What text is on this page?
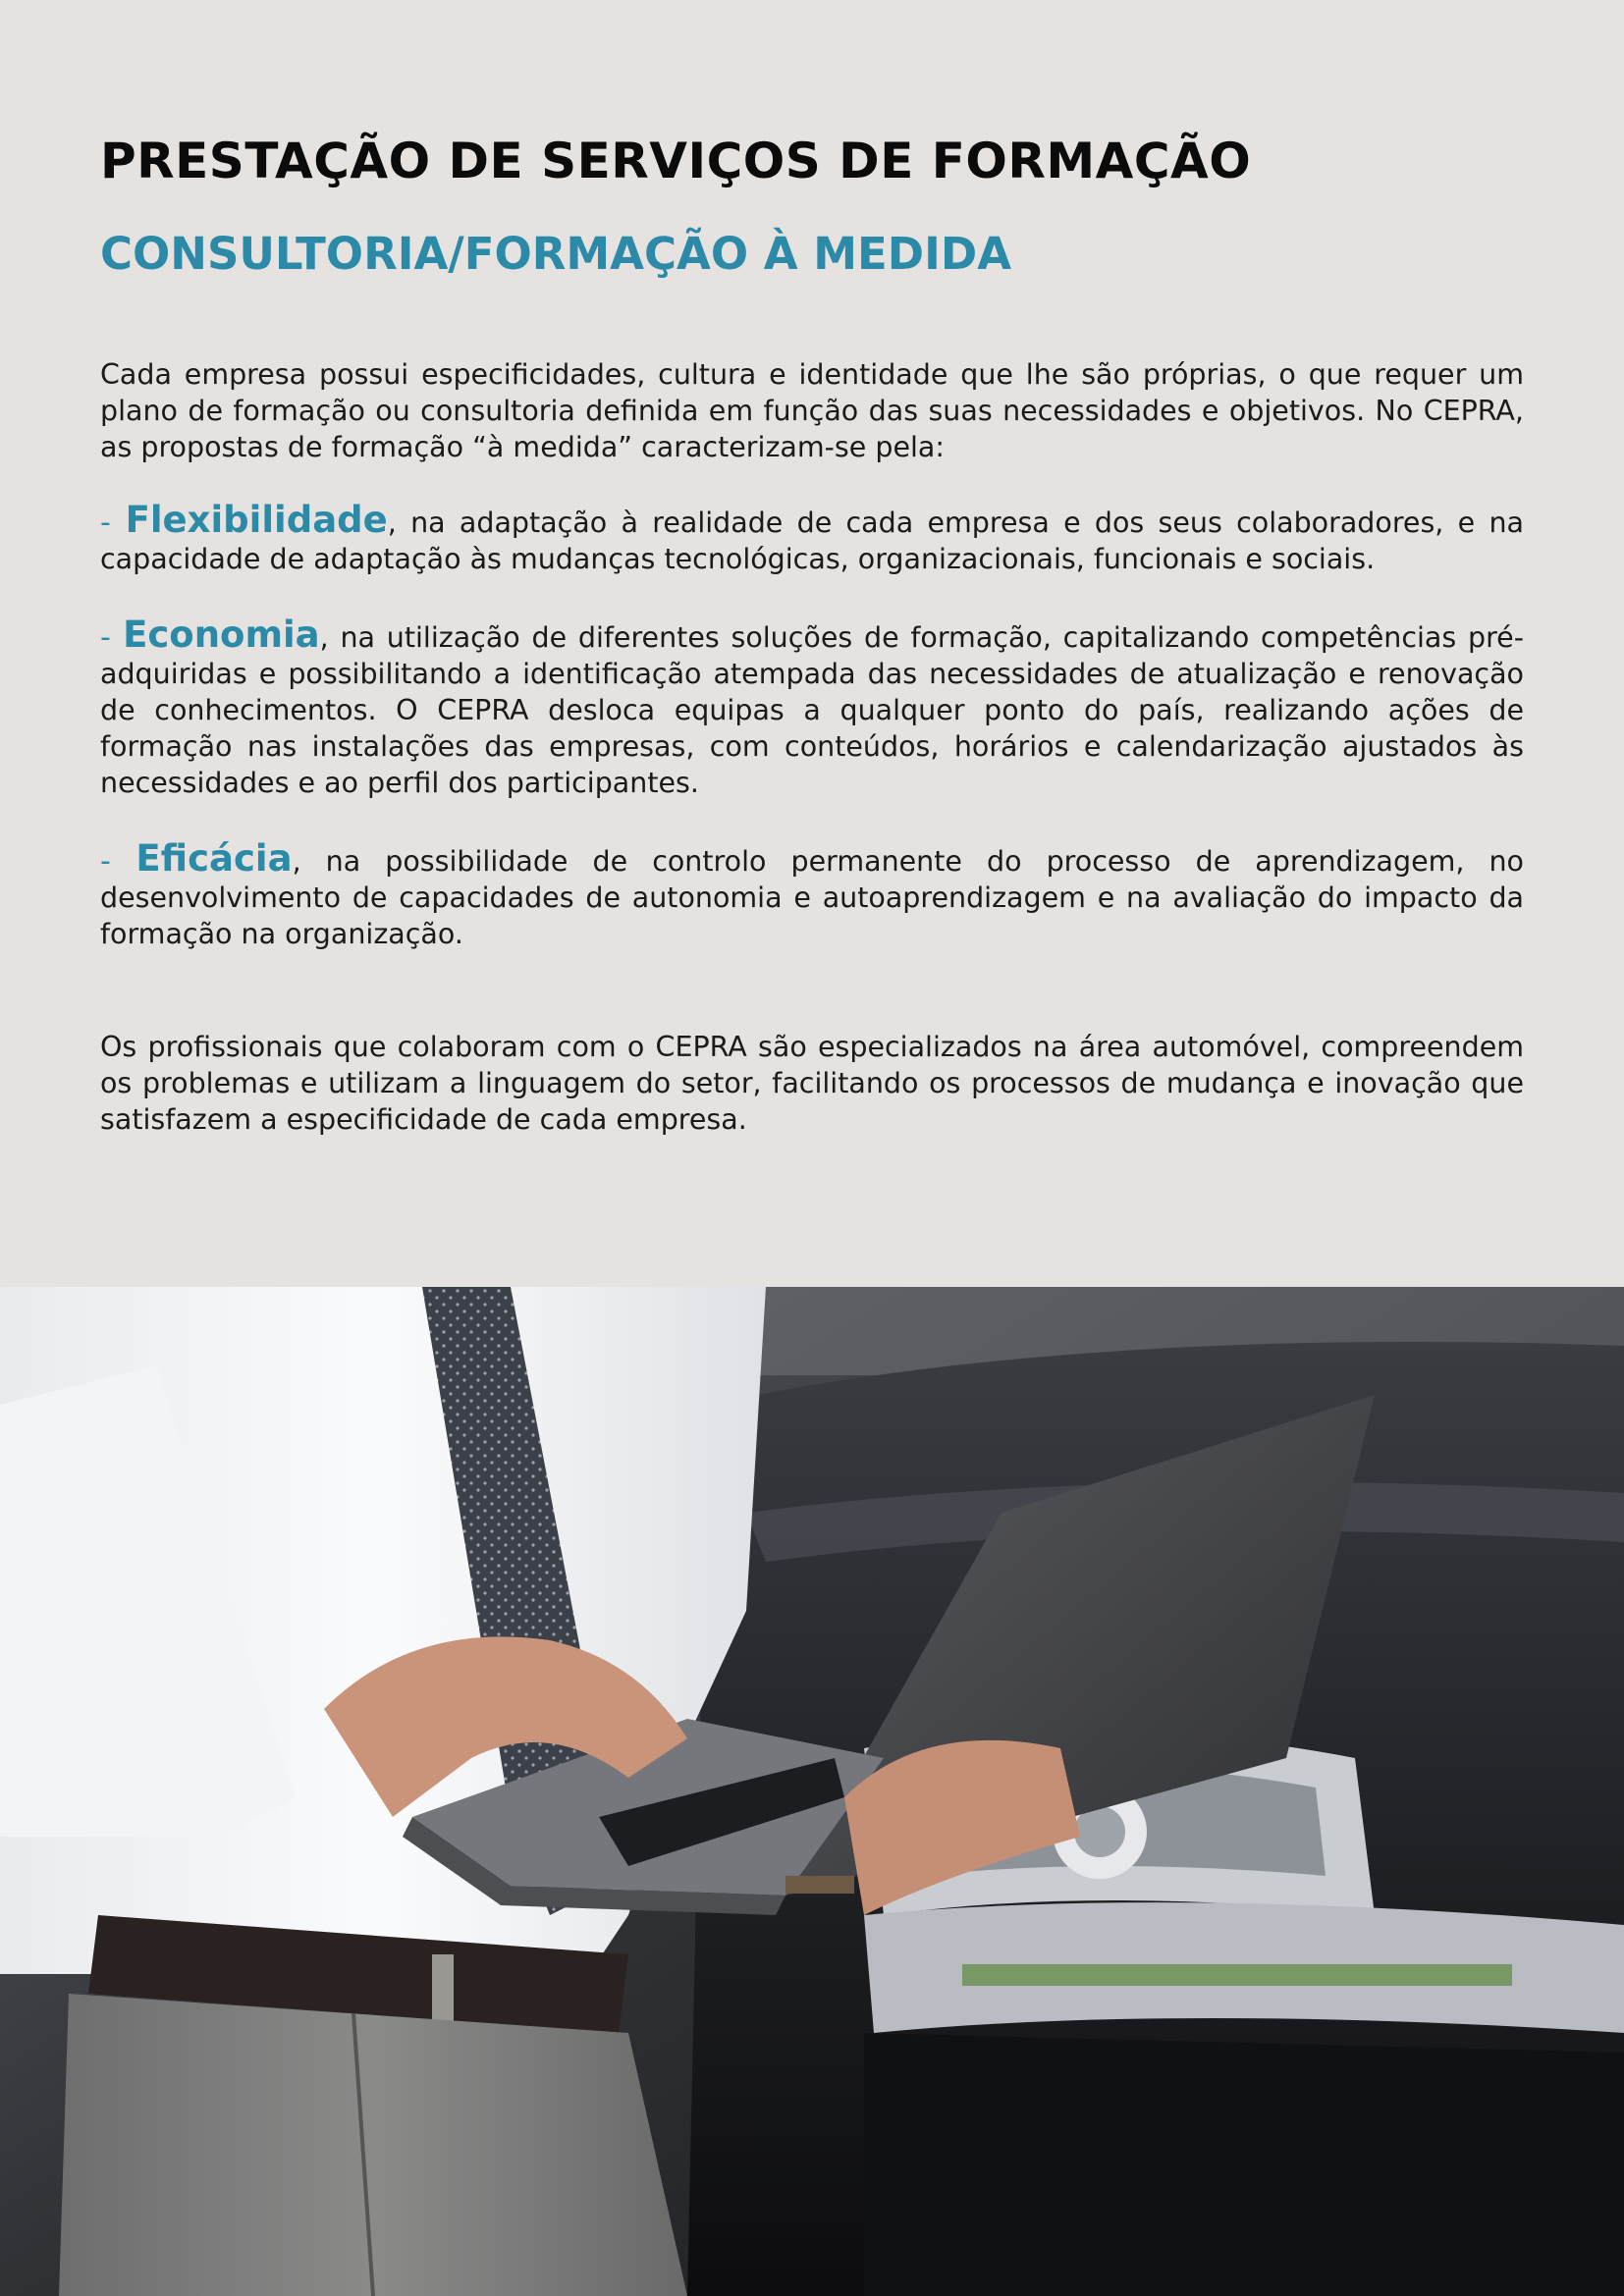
PRESTAÇÃO DE SERVIÇOS DE FORMAÇÃO
CONSULTORIA/FORMAÇÃO À MEDIDA

Cada empresa possui especificidades, cultura e identidade que lhe são próprias, o que requer um plano de formação ou consultoria definida em função das suas necessidades e objetivos. No CEPRA, as propostas de formação “à medida” caracterizam-se pela:

- Flexibilidade, na adaptação à realidade de cada empresa e dos seus colaboradores, e na capacidade de adaptação às mudanças tecnológicas, organizacionais, funcionais e sociais.

- Economia, na utilização de diferentes soluções de formação, capitalizando competências pré- adquiridas e possibilitando a identificação atempada das necessidades de atualização e renovação de conhecimentos. O CEPRA desloca equipas a qualquer ponto do país, realizando ações de formação nas instalações das empresas, com conteúdos, horários e calendarização ajustados às necessidades e ao perfil dos participantes.

- Eficácia, na possibilidade de controlo permanente do processo de aprendizagem, no desenvolvimento de capacidades de autonomia e autoaprendizagem e na avaliação do impacto da formação na organização.

Os profissionais que colaboram com o CEPRA são especializados na área automóvel, compreendem os problemas e utilizam a linguagem do setor, facilitando os processos de mudança e inovação que satisfazem a especificidade de cada empresa.
